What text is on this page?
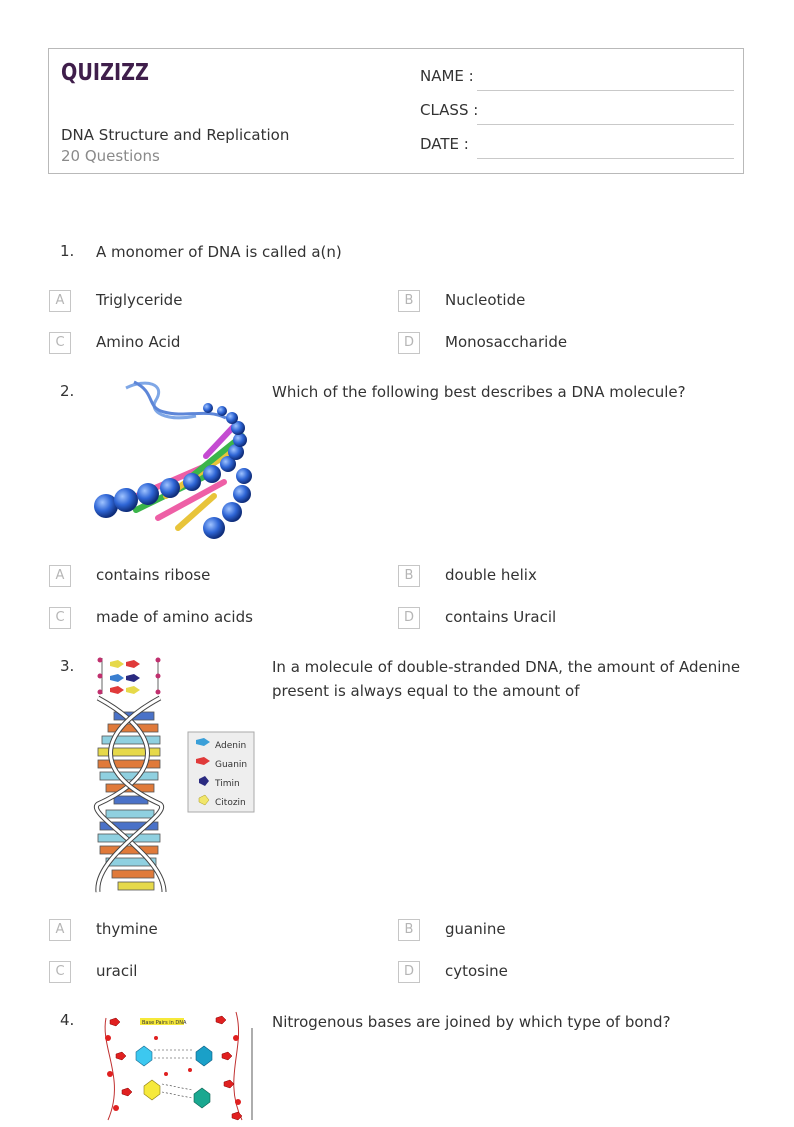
QUIZIZZ
DNA Structure and Replication
20 Questions
NAME :
CLASS :
DATE :
1. A monomer of DNA is called a(n)
A	Triglyceride	B	Nucleotide
C	Amino Acid	D	Monosaccharide
2.	Which of the following best describes a DNA molecule?
A	contains ribose	B	double helix
C	made of amino acids	D	contains Uracil
3.
Adenin
Guanin
Timin
Citozin
In a molecule of double-stranded DNA, the amount of Adenine
present is always equal to the amount of
A	thymine	B	guanine
C	uracil	D	cytosine
4.	Base Pairs in DNA	Nitrogenous bases are joined by which type of bond?
